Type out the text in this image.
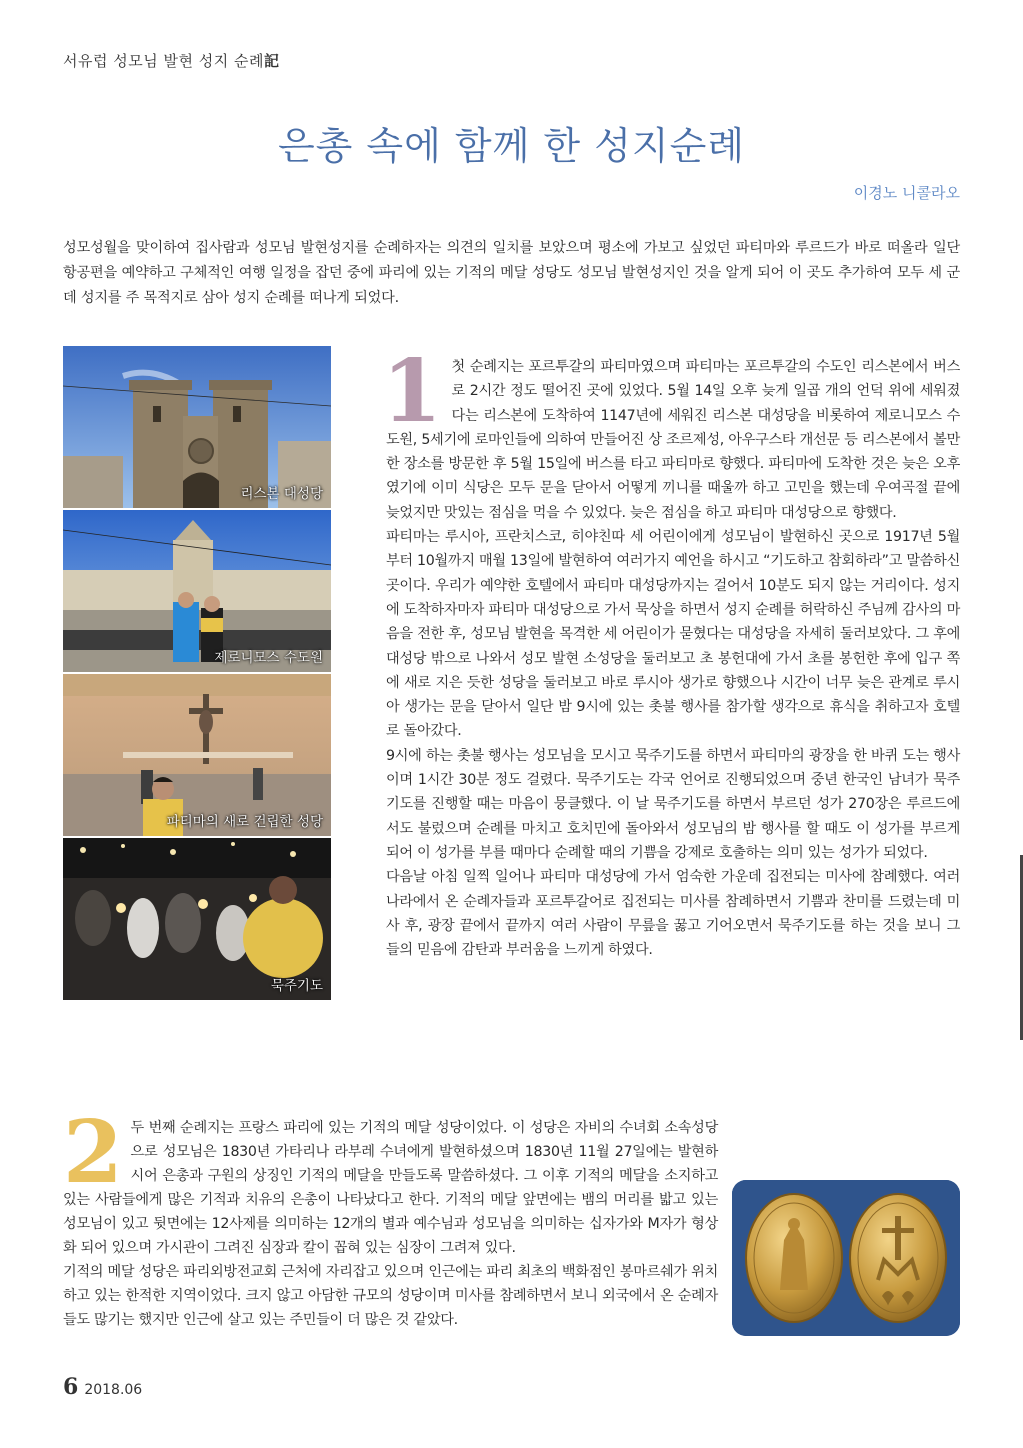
서유럽 성모님 발현 성지 순례記
은총 속에 함께 한 성지순례
이경노 니콜라오
성모성월을 맞이하여 집사람과 성모님 발현성지를 순례하자는 의견의 일치를 보았으며 평소에 가보고 싶었던 파티마와 루르드가 바로 떠올라 일단 항공편을 예약하고 구체적인 여행 일정을 잡던 중에 파리에 있는 기적의 메달 성당도 성모님 발현성지인 것을 알게 되어 이 곳도 추가하여 모두 세 군데 성지를 주 목적지로 삼아 성지 순례를 떠나게 되었다.
리스본 대성당
제로니모스 수도원
파티마의 새로 건립한 성당
묵주기도
1 첫 순례지는 포르투갈의 파티마였으며 파티마는 포르투갈의 수도인 리스본에서 버스로 2시간 정도 떨어진 곳에 있었다. 5월 14일 오후 늦게 일곱 개의 언덕 위에 세워졌다는 리스본에 도착하여 1147년에 세워진 리스본 대성당을 비롯하여 제로니모스 수도원, 5세기에 로마인들에 의하여 만들어진 상 조르제성, 아우구스타 개선문 등 리스본에서 볼만한 장소를 방문한 후 5월 15일에 버스를 타고 파티마로 향했다. 파티마에 도착한 것은 늦은 오후였기에 이미 식당은 모두 문을 닫아서 어떻게 끼니를 때울까 하고 고민을 했는데 우여곡절 끝에 늦었지만 맛있는 점심을 먹을 수 있었다. 늦은 점심을 하고 파티마 대성당으로 향했다.

파티마는 루시아, 프란치스코, 히야친따 세 어린이에게 성모님이 발현하신 곳으로 1917년 5월부터 10월까지 매월 13일에 발현하여 여러가지 예언을 하시고 “기도하고 참회하라”고 말씀하신 곳이다. 우리가 예약한 호텔에서 파티마 대성당까지는 걸어서 10분도 되지 않는 거리이다. 성지에 도착하자마자 파티마 대성당으로 가서 묵상을 하면서 성지 순례를 허락하신 주님께 감사의 마음을 전한 후, 성모님 발현을 목격한 세 어린이가 묻혔다는 대성당을 자세히 둘러보았다. 그 후에 대성당 밖으로 나와서 성모 발현 소성당을 둘러보고 초 봉헌대에 가서 초를 봉헌한 후에 입구 쪽에 새로 지은 듯한 성당을 둘러보고 바로 루시아 생가로 향했으나 시간이 너무 늦은 관계로 루시아 생가는 문을 닫아서 일단 밤 9시에 있는 촛불 행사를 참가할 생각으로 휴식을 취하고자 호텔로 돌아갔다.

9시에 하는 촛불 행사는 성모님을 모시고 묵주기도를 하면서 파티마의 광장을 한 바퀴 도는 행사이며 1시간 30분 정도 걸렸다. 묵주기도는 각국 언어로 진행되었으며 중년 한국인 남녀가 묵주기도를 진행할 때는 마음이 뭉클했다. 이 날 묵주기도를 하면서 부르던 성가 270장은 루르드에서도 불렀으며 순례를 마치고 호치민에 돌아와서 성모님의 밤 행사를 할 때도 이 성가를 부르게 되어 이 성가를 부를 때마다 순례할 때의 기쁨을 강제로 호출하는 의미 있는 성가가 되었다.

다음날 아침 일찍 일어나 파티마 대성당에 가서 엄숙한 가운데 집전되는 미사에 참례했다. 여러 나라에서 온 순례자들과 포르투갈어로 집전되는 미사를 참례하면서 기쁨과 찬미를 드렸는데 미사 후, 광장 끝에서 끝까지 여러 사람이 무릎을 꿇고 기어오면서 묵주기도를 하는 것을 보니 그 들의 믿음에 감탄과 부러움을 느끼게 하였다.

2 두 번째 순례지는 프랑스 파리에 있는 기적의 메달 성당이었다. 이 성당은 자비의 수녀회 소속성당으로 성모님은 1830년 가타리나 라부레 수녀에게 발현하셨으며 1830년 11월 27일에는 발현하시어 은총과 구원의 상징인 기적의 메달을 만들도록 말씀하셨다. 그 이후 기적의 메달을 소지하고 있는 사람들에게 많은 기적과 치유의 은총이 나타났다고 한다. 기적의 메달 앞면에는 뱀의 머리를 밟고 있는 성모님이 있고 뒷면에는 12사제를 의미하는 12개의 별과 예수님과 성모님을 의미하는 십자가와 M자가 형상화 되어 있으며 가시관이 그려진 심장과 칼이 꼽혀 있는 심장이 그려져 있다.

기적의 메달 성당은 파리외방전교회 근처에 자리잡고 있으며 인근에는 파리 최초의 백화점인 봉마르쉐가 위치하고 있는 한적한 지역이었다. 크지 않고 아담한 규모의 성당이며 미사를 참례하면서 보니 외국에서 온 순례자들도 많기는 했지만 인근에 살고 있는 주민들이 더 많은 것 같았다.

6 2018.06
